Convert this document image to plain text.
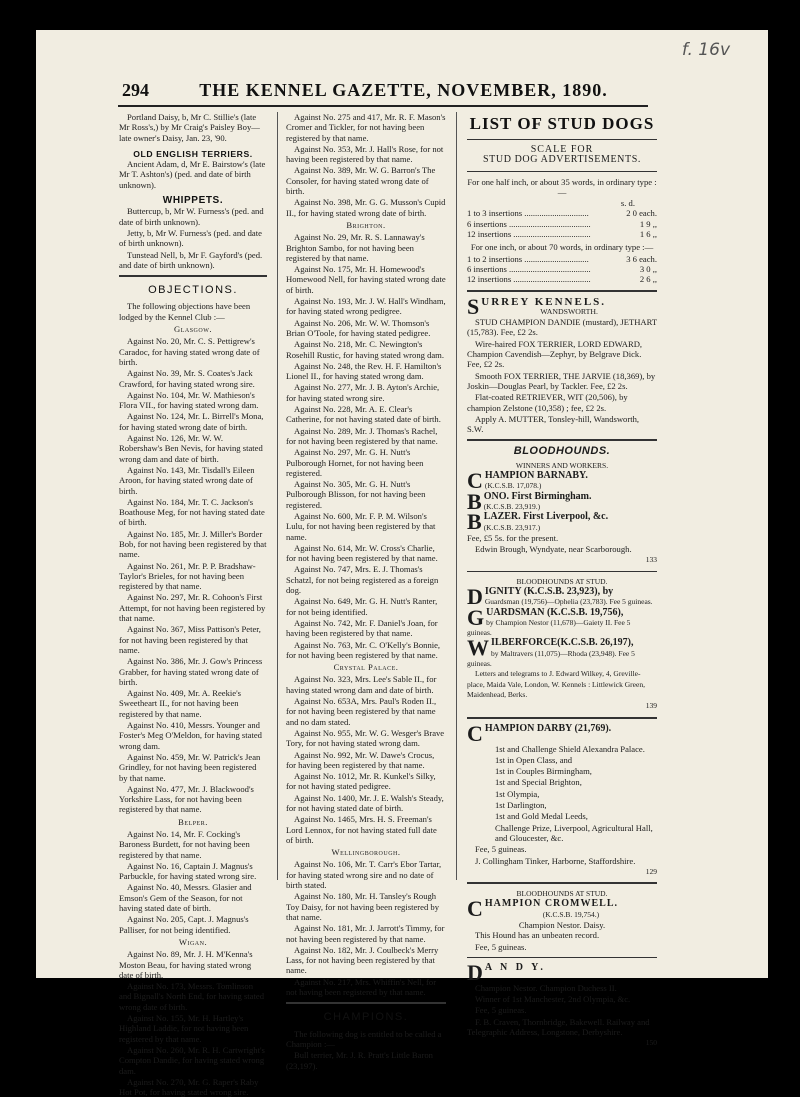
f. 16v
294	THE KENNEL GAZETTE, NOVEMBER, 1890.

Portland Daisy, b, Mr C. Stillie's (late Mr Ross's,) by Mr Craig's Paisley Boy—late owner's Daisy, Jan. 23, '90.

OLD ENGLISH TERRIERS.

Ancient Adam, d, Mr E. Bairstow's (late Mr T. Ashton's) (ped. and date of birth unknown).

WHIPPETS.

Buttercup, b, Mr W. Furness's (ped. and date of birth unknown).

Jetty, b, Mr W. Furness's (ped. and date of birth unknown).

Tunstead Nell, b, Mr F. Gayford's (ped. and date of birth unknown).

OBJECTIONS.

The following objections have been lodged by the Kennel Club :—

Glasgow.

Against No. 20, Mr. C. S. Pettigrew's Caradoc, for having stated wrong date of birth.

Against No. 39, Mr. S. Coates's Jack Crawford, for having stated wrong sire.

Against No. 104, Mr. W. Mathieson's Flora VII., for having stated wrong dam.

Against No. 124, Mr. L. Birrell's Mona, for having stated wrong date of birth.

Against No. 126, Mr. W. W. Robershaw's Ben Nevis, for having stated wrong dam and date of birth.

Against No. 143, Mr. Tisdall's Eileen Aroon, for having stated wrong date of birth.

Against No. 184, Mr. T. C. Jackson's Boathouse Meg, for not having stated date of birth.

Against No. 185, Mr. J. Miller's Border Bob, for not having been registered by that name.

Against No. 261, Mr. P. P. Bradshaw-Taylor's Brieles, for not having been registered by that name.

Against No. 297, Mr. R. Cohoon's First Attempt, for not having been registered by that name.

Against No. 367, Miss Pattison's Peter, for not having been registered by that name.

Against No. 386, Mr. J. Gow's Princess Grabber, for having stated wrong date of birth.

Against No. 409, Mr. A. Reekie's Sweetheart II., for not having been registered by that name.

Against No. 410, Messrs. Younger and Foster's Meg O'Meldon, for having stated wrong dam.

Against No. 459, Mr. W. Patrick's Jean Grindley, for not having been registered by that name.

Against No. 477, Mr. J. Blackwood's Yorkshire Lass, for not having been registered by that name.

Belper.

Against No. 14, Mr. F. Cocking's Baroness Burdett, for not having been registered by that name.

Against No. 16, Captain J. Magnus's Parbuckle, for having stated wrong sire.

Against No. 40, Messrs. Glasier and Emson's Gem of the Season, for not having stated date of birth.

Against No. 205, Capt. J. Magnus's Palliser, for not being identified.

Wigan.

Against No. 89, Mr. J. H. M'Kenna's Moston Beau, for having stated wrong date of birth.

Against No. 173, Messrs. Tomlinson and Bignall's North End, for having stated wrong date of birth.

Against No. 155, Mr. H. Hartley's Highland Laddie, for not having been registered by that name.

Against No. 260, Mr. R. H. Cartwright's Compton Dandie, for having stated wrong dam.

Against No. 270, Mr. G. Raper's Raby Hot Pot, for having stated wrong sire.

Against No. 275 and 417, Mr. R. F. Mason's Cromer and Tickler, for not having been registered by that name.

Against No. 353, Mr. J. Hall's Rose, for not having been registered by that name.

Against No. 389, Mr. W. G. Barron's The Consoler, for having stated wrong date of birth.

Against No. 398, Mr. G. G. Musson's Cupid II., for having stated wrong date of birth.

Brighton.

Against No. 29, Mr. R. S. Lannaway's Brighton Sambo, for not having been registered by that name.

Against No. 175, Mr. H. Homewood's Homewood Nell, for having stated wrong date of birth.

Against No. 193, Mr. J. W. Hall's Windham, for having stated wrong pedigree.

Against No. 206, Mr. W. W. Thomson's Brian O'Toole, for having stated pedigree.

Against No. 218, Mr. C. Newington's Rosehill Rustic, for having stated wrong dam.

Against No. 248, the Rev. H. F. Hamilton's Lionel II., for having stated wrong dam.

Against No. 277, Mr. J. B. Ayton's Archie, for having stated wrong sire.

Against No. 228, Mr. A. E. Clear's Catherine, for not having stated date of birth.

Against No. 289, Mr. J. Thomas's Rachel, for not having been registered by that name.

Against No. 297, Mr. G. H. Nutt's Pulborough Hornet, for not having been registered.

Against No. 305, Mr. G. H. Nutt's Pulborough Blisson, for not having been registered.

Against No. 600, Mr. F. P. M. Wilson's Lulu, for not having been registered by that name.

Against No. 614, Mr. W. Cross's Charlie, for not having been registered by that name.

Against No. 747, Mrs. E. J. Thomas's Schatzl, for not being registered as a foreign dog.

Against No. 649, Mr. G. H. Nutt's Ranter, for not being identified.

Against No. 742, Mr. F. Daniel's Joan, for having been registered by that name.

Against No. 763, Mr. C. O'Kelly's Bonnie, for not having been registered by that name.

Crystal Palace.

Against No. 323, Mrs. Lee's Sable II., for having stated wrong dam and date of birth.

Against No. 653A, Mrs. Paul's Roden II., for not having been registered by that name and no dam stated.

Against No. 955, Mr. W. G. Wesger's Brave Tory, for not having stated wrong dam.

Against No. 992, Mr. W. Dawe's Crocus, for having been registered by that name.

Against No. 1012, Mr. R. Kunkel's Silky, for not having stated pedigree.

Against No. 1400, Mr. J. E. Walsh's Steady, for not having stated date of birth.

Against No. 1465, Mrs. H. S. Freeman's Lord Lennox, for not having stated full date of birth.

Wellingborough.

Against No. 106, Mr. T. Carr's Ebor Tartar, for having stated wrong sire and no date of birth stated.

Against No. 180, Mr. H. Tansley's Rough Toy Daisy, for not having been registered by that name.

Against No. 181, Mr. J. Jarrott's Timmy, for not having been registered by that name.

Against No. 182, Mr. J. Coulbeck's Merry Lass, for not having been registered by that name.

Against No. 217, Mrs. Whiffin's Nell, for not having been registered by that name.

CHAMPIONS.

The following dog is entitled to be called a Champion :—

Bull terrier, Mr. J. R. Pratt's Little Baron (23,197).

LIST OF STUD DOGS
SCALE FOR
STUD DOG ADVERTISEMENTS.

For one half inch, or about 35 words, in ordinary type :—

s. d.
1 to 3 insertions ..............................	2 0 each.
6 insertions ......................................	1 9 ,,
12 insertions ....................................	1 6 ,,

For one inch, or about 70 words, in ordinary type :—

1 to 2 insertions ..............................	3 6 each.
6 insertions ......................................	3 0 ,,
12 insertions ....................................	2 6 ,,
S URREY KENNELS.
WANDSWORTH.

STUD CHAMPION DANDIE (mustard), JETHART (15,783). Fee, £2 2s.

Wire-haired FOX TERRIER, LORD EDWARD, Champion Cavendish—Zephyr, by Belgrave Dick. Fee, £2 2s.

Smooth FOX TERRIER, THE JARVIE (18,369), by Joskin—Douglas Pearl, by Tackler. Fee, £2 2s.

Flat-coated RETRIEVER, WIT (20,506), by champion Zelstone (10,358) ; fee, £2 2s.

Apply A. MUTTER, Tonsley-hill, Wandsworth, S.W.

BLOODHOUNDS.
WINNERS AND WORKERS.
C HAMPION BARNABY.
(K.C.S.B. 17,078.)
B ONO. First Birmingham.
(K.C.S.B. 23,919.)
B LAZER. First Liverpool, &c.
(K.C.S.B. 23,917.)

Fee, £5 5s. for the present.

Edwin Brough, Wyndyate, near Scarborough.

133
BLOODHOUNDS AT STUD.
D IGNITY (K.C.S.B. 23,923), by
Guardsman (19,756)—Ophelia (23,783). Fee 5 guineas.
G UARDSMAN (K.C.S.B. 19,756),
by Champion Nestor (11,678)—Gaiety II. Fee 5 guineas.
W ILBERFORCE(K.C.S.B. 26,197),
by Maltravers (11,075)—Rhoda (23,948). Fee 5 guineas.

Letters and telegrams to J. Edward Wilkey, 4, Greville-place, Maida Vale, London, W. Kennels : Littlewick Green, Maidenhead, Berks.

139
C HAMPION DARBY (21,769).

1st and Challenge Shield Alexandra Palace.

1st in Open Class, and

1st in Couples Birmingham,

1st and Special Brighton,

1st Olympia,

1st Darlington,

1st and Gold Medal Leeds,

Challenge Prize, Liverpool, Agricultural Hall, and Gloucester, &c.

Fee, 5 guineas.

J. Collingham Tinker, Harborne, Staffordshire.

129
BLOODHOUNDS AT STUD.
C HAMPION CROMWELL.
(K.C.S.B. 19,754.)
Champion Nestor. Daisy.

This Hound has an unbeaten record.

Fee, 5 guineas.

D A N D Y.

Champion Nestor. Champion Duchess II.

Winner of 1st Manchester, 2nd Olympia, &c.

Fee, 5 guineas.

F. B. Craven, Thornbridge, Bakewell. Railway and Telegraphic Address, Longstone, Derbyshire.

150
